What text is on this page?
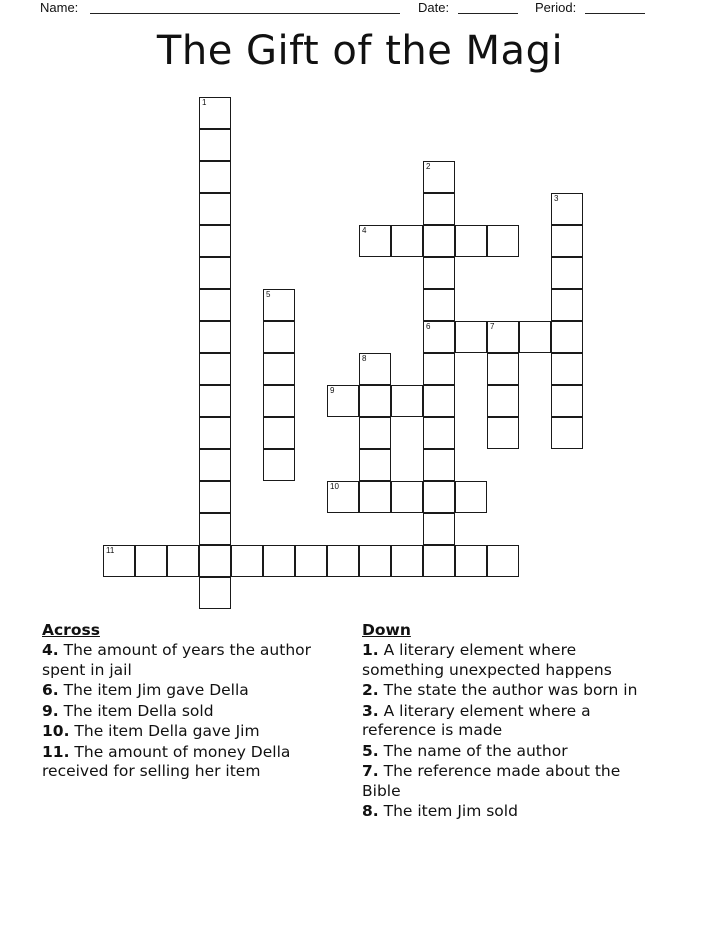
Name:	Date:	Period:
The Gift of the Magi
1
2
6
3
4
5
7
8
9
10
11
Across
4. The amount of years the author spent in jail
6. The item Jim gave Della
9. The item Della sold
10. The item Della gave Jim
11. The amount of money Della received for selling her item
Down
1. A literary element where something unexpected happens
2. The state the author was born in
3. A literary element where a reference is made
5. The name of the author
7. The reference made about the Bible
8. The item Jim sold
